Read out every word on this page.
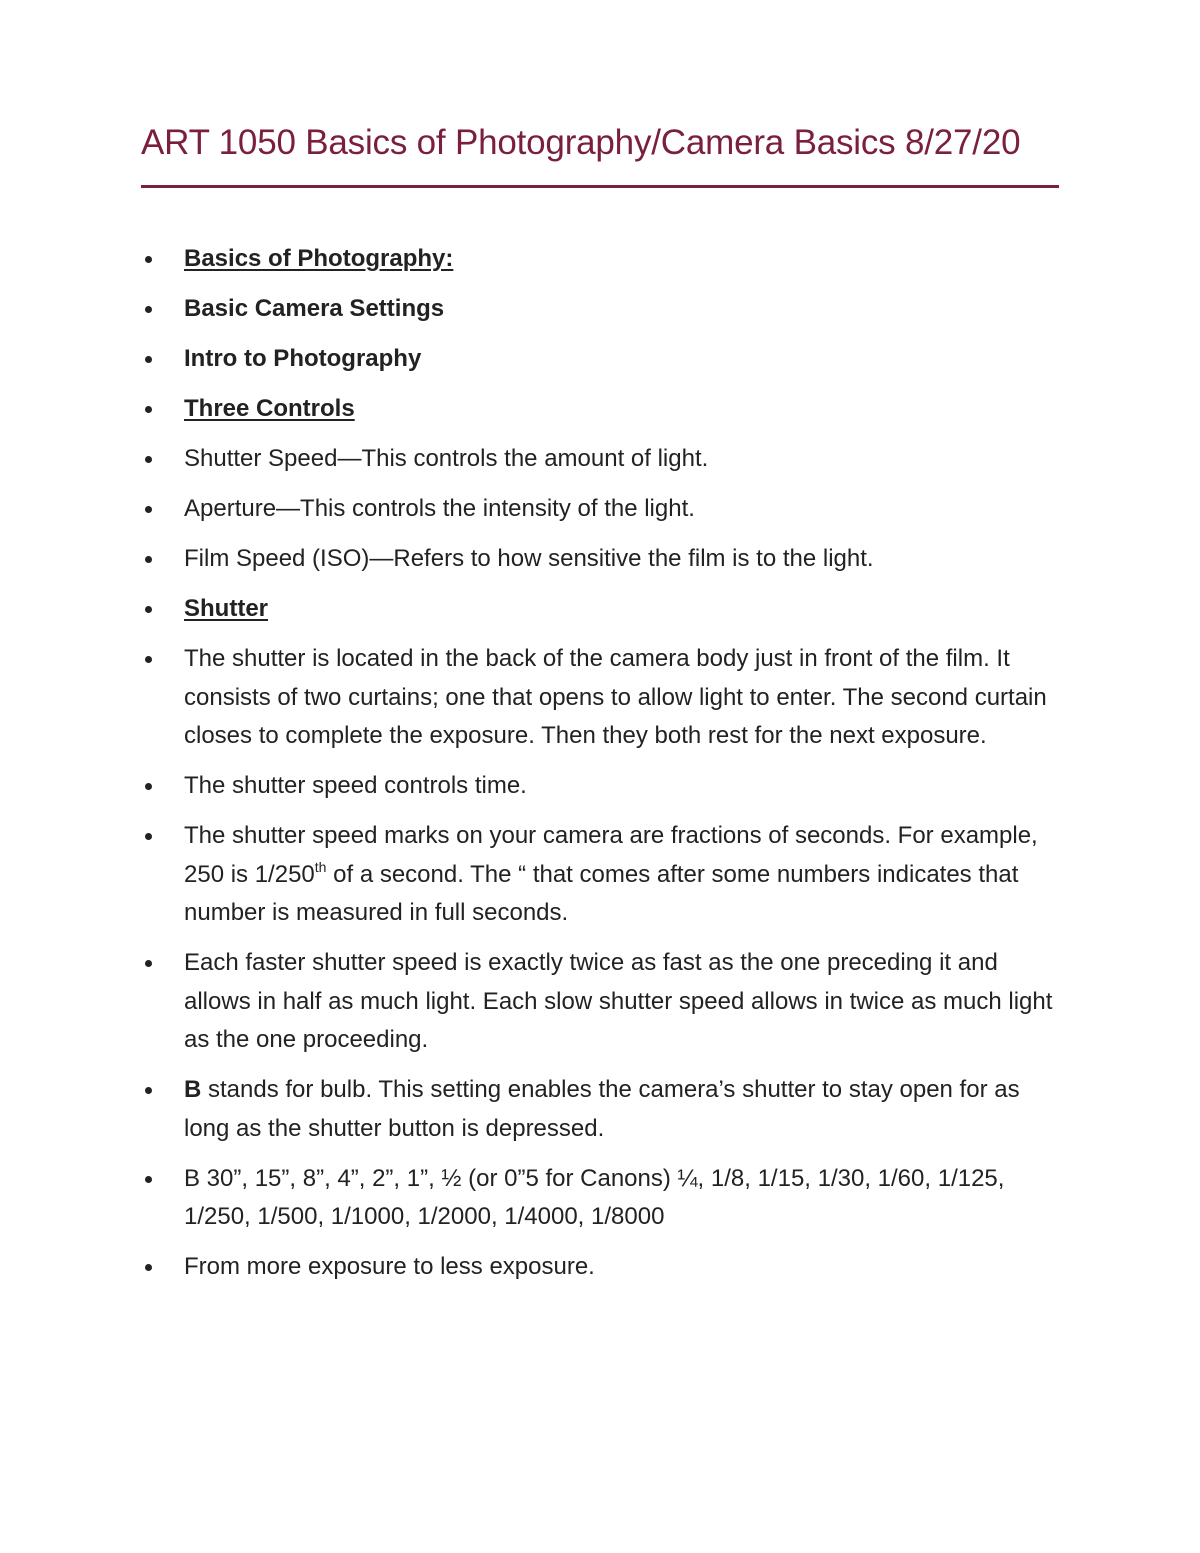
ART 1050 Basics of Photography/Camera Basics 8/27/20
Basics of Photography:
Basic Camera Settings
Intro to Photography
Three Controls
Shutter Speed—This controls the amount of light.
Aperture—This controls the intensity of the light.
Film Speed (ISO)—Refers to how sensitive the film is to the light.
Shutter
The shutter is located in the back of the camera body just in front of the film. It consists of two curtains; one that opens to allow light to enter. The second curtain closes to complete the exposure. Then they both rest for the next exposure.
The shutter speed controls time.
The shutter speed marks on your camera are fractions of seconds. For example, 250 is 1/250th of a second. The “ that comes after some numbers indicates that number is measured in full seconds.
Each faster shutter speed is exactly twice as fast as the one preceding it and allows in half as much light. Each slow shutter speed allows in twice as much light as the one proceeding.
B stands for bulb. This setting enables the camera’s shutter to stay open for as long as the shutter button is depressed.
B 30”, 15”, 8”, 4”, 2”, 1”, ½ (or 0”5 for Canons) ¼, 1/8, 1/15, 1/30, 1/60, 1/125, 1/250, 1/500, 1/1000, 1/2000, 1/4000, 1/8000
From more exposure to less exposure.
